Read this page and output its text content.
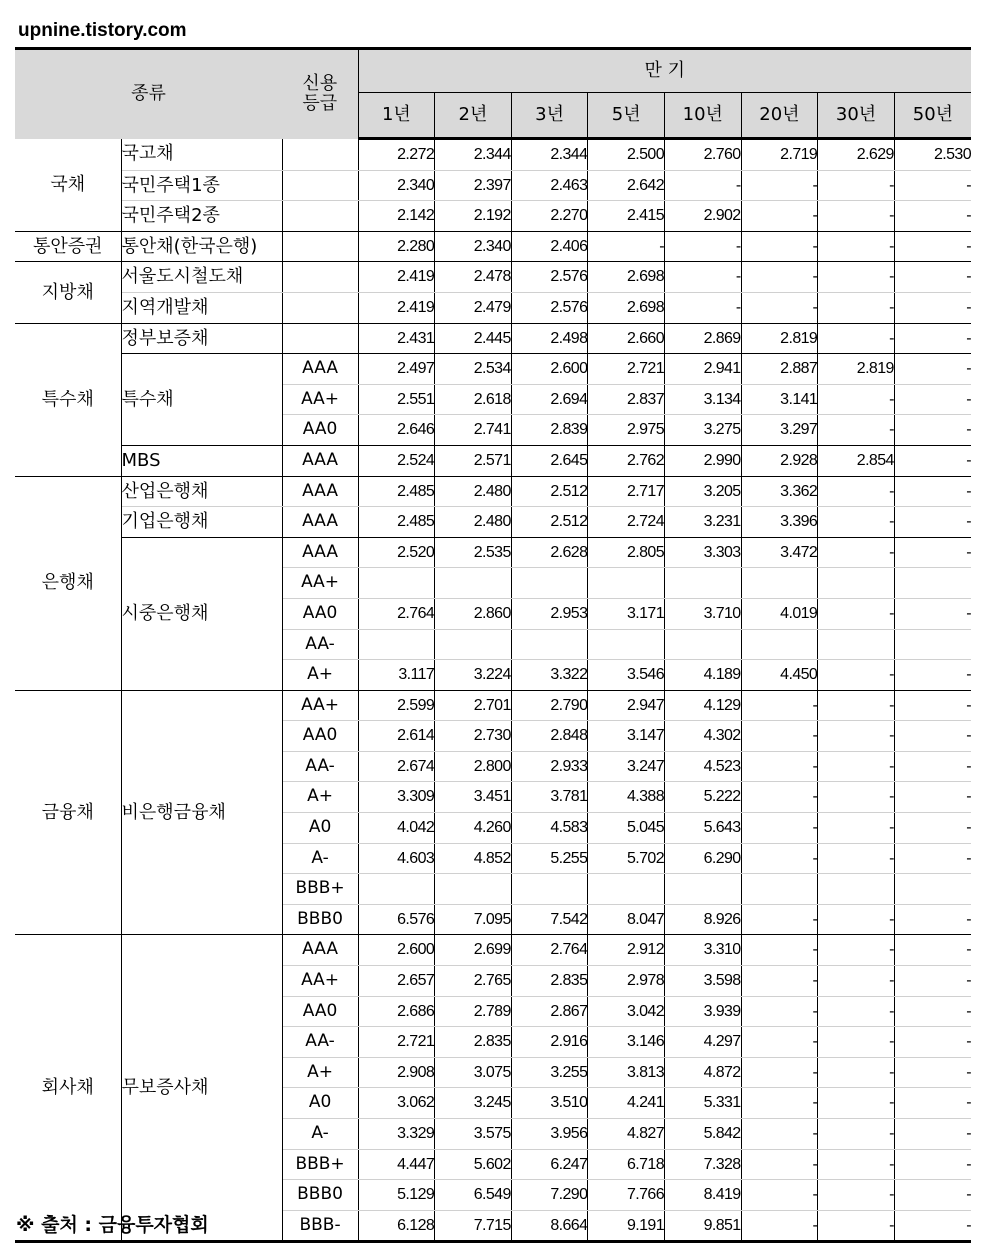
upnine.tistory.com
종류		신용
등급	만 기							
			1년	2년	3년	5년	10년	20년	30년	50년
국채	국고채		2.272	2.344	2.344	2.500	2.760	2.719	2.629	2.530
	국민주택1종		2.340	2.397	2.463	2.642	-	-	-	-
	국민주택2종		2.142	2.192	2.270	2.415	2.902	-	-	-
통안증권	통안채(한국은행)		2.280	2.340	2.406	-	-	-	-	-
지방채	서울도시철도채		2.419	2.478	2.576	2.698	-	-	-	-
	지역개발채		2.419	2.479	2.576	2.698	-	-	-	-
특수채	정부보증채		2.431	2.445	2.498	2.660	2.869	2.819	-	-
	특수채	AAA	2.497	2.534	2.600	2.721	2.941	2.887	2.819	-
		AA+	2.551	2.618	2.694	2.837	3.134	3.141	-	-
		AA0	2.646	2.741	2.839	2.975	3.275	3.297	-	-
	MBS	AAA	2.524	2.571	2.645	2.762	2.990	2.928	2.854	-
은행채	산업은행채	AAA	2.485	2.480	2.512	2.717	3.205	3.362	-	-
	기업은행채	AAA	2.485	2.480	2.512	2.724	3.231	3.396	-	-
	시중은행채	AAA	2.520	2.535	2.628	2.805	3.303	3.472	-	-
		AA+								
		AA0	2.764	2.860	2.953	3.171	3.710	4.019	-	-
		AA-								
		A+	3.117	3.224	3.322	3.546	4.189	4.450	-	-
금융채	비은행금융채	AA+	2.599	2.701	2.790	2.947	4.129	-	-	-
		AA0	2.614	2.730	2.848	3.147	4.302	-	-	-
		AA-	2.674	2.800	2.933	3.247	4.523	-	-	-
		A+	3.309	3.451	3.781	4.388	5.222	-	-	-
		A0	4.042	4.260	4.583	5.045	5.643	-	-	-
		A-	4.603	4.852	5.255	5.702	6.290	-	-	-
		BBB+								
		BBB0	6.576	7.095	7.542	8.047	8.926	-	-	-
회사채	무보증사채	AAA	2.600	2.699	2.764	2.912	3.310	-	-	-
		AA+	2.657	2.765	2.835	2.978	3.598	-	-	-
		AA0	2.686	2.789	2.867	3.042	3.939	-	-	-
		AA-	2.721	2.835	2.916	3.146	4.297	-	-	-
		A+	2.908	3.075	3.255	3.813	4.872	-	-	-
		A0	3.062	3.245	3.510	4.241	5.331	-	-	-
		A-	3.329	3.575	3.956	4.827	5.842	-	-	-
		BBB+	4.447	5.602	6.247	6.718	7.328	-	-	-
		BBB0	5.129	6.549	7.290	7.766	8.419	-	-	-
		BBB-	6.128	7.715	8.664	9.191	9.851	-	-	-
※ 출처 : 금융투자협회
